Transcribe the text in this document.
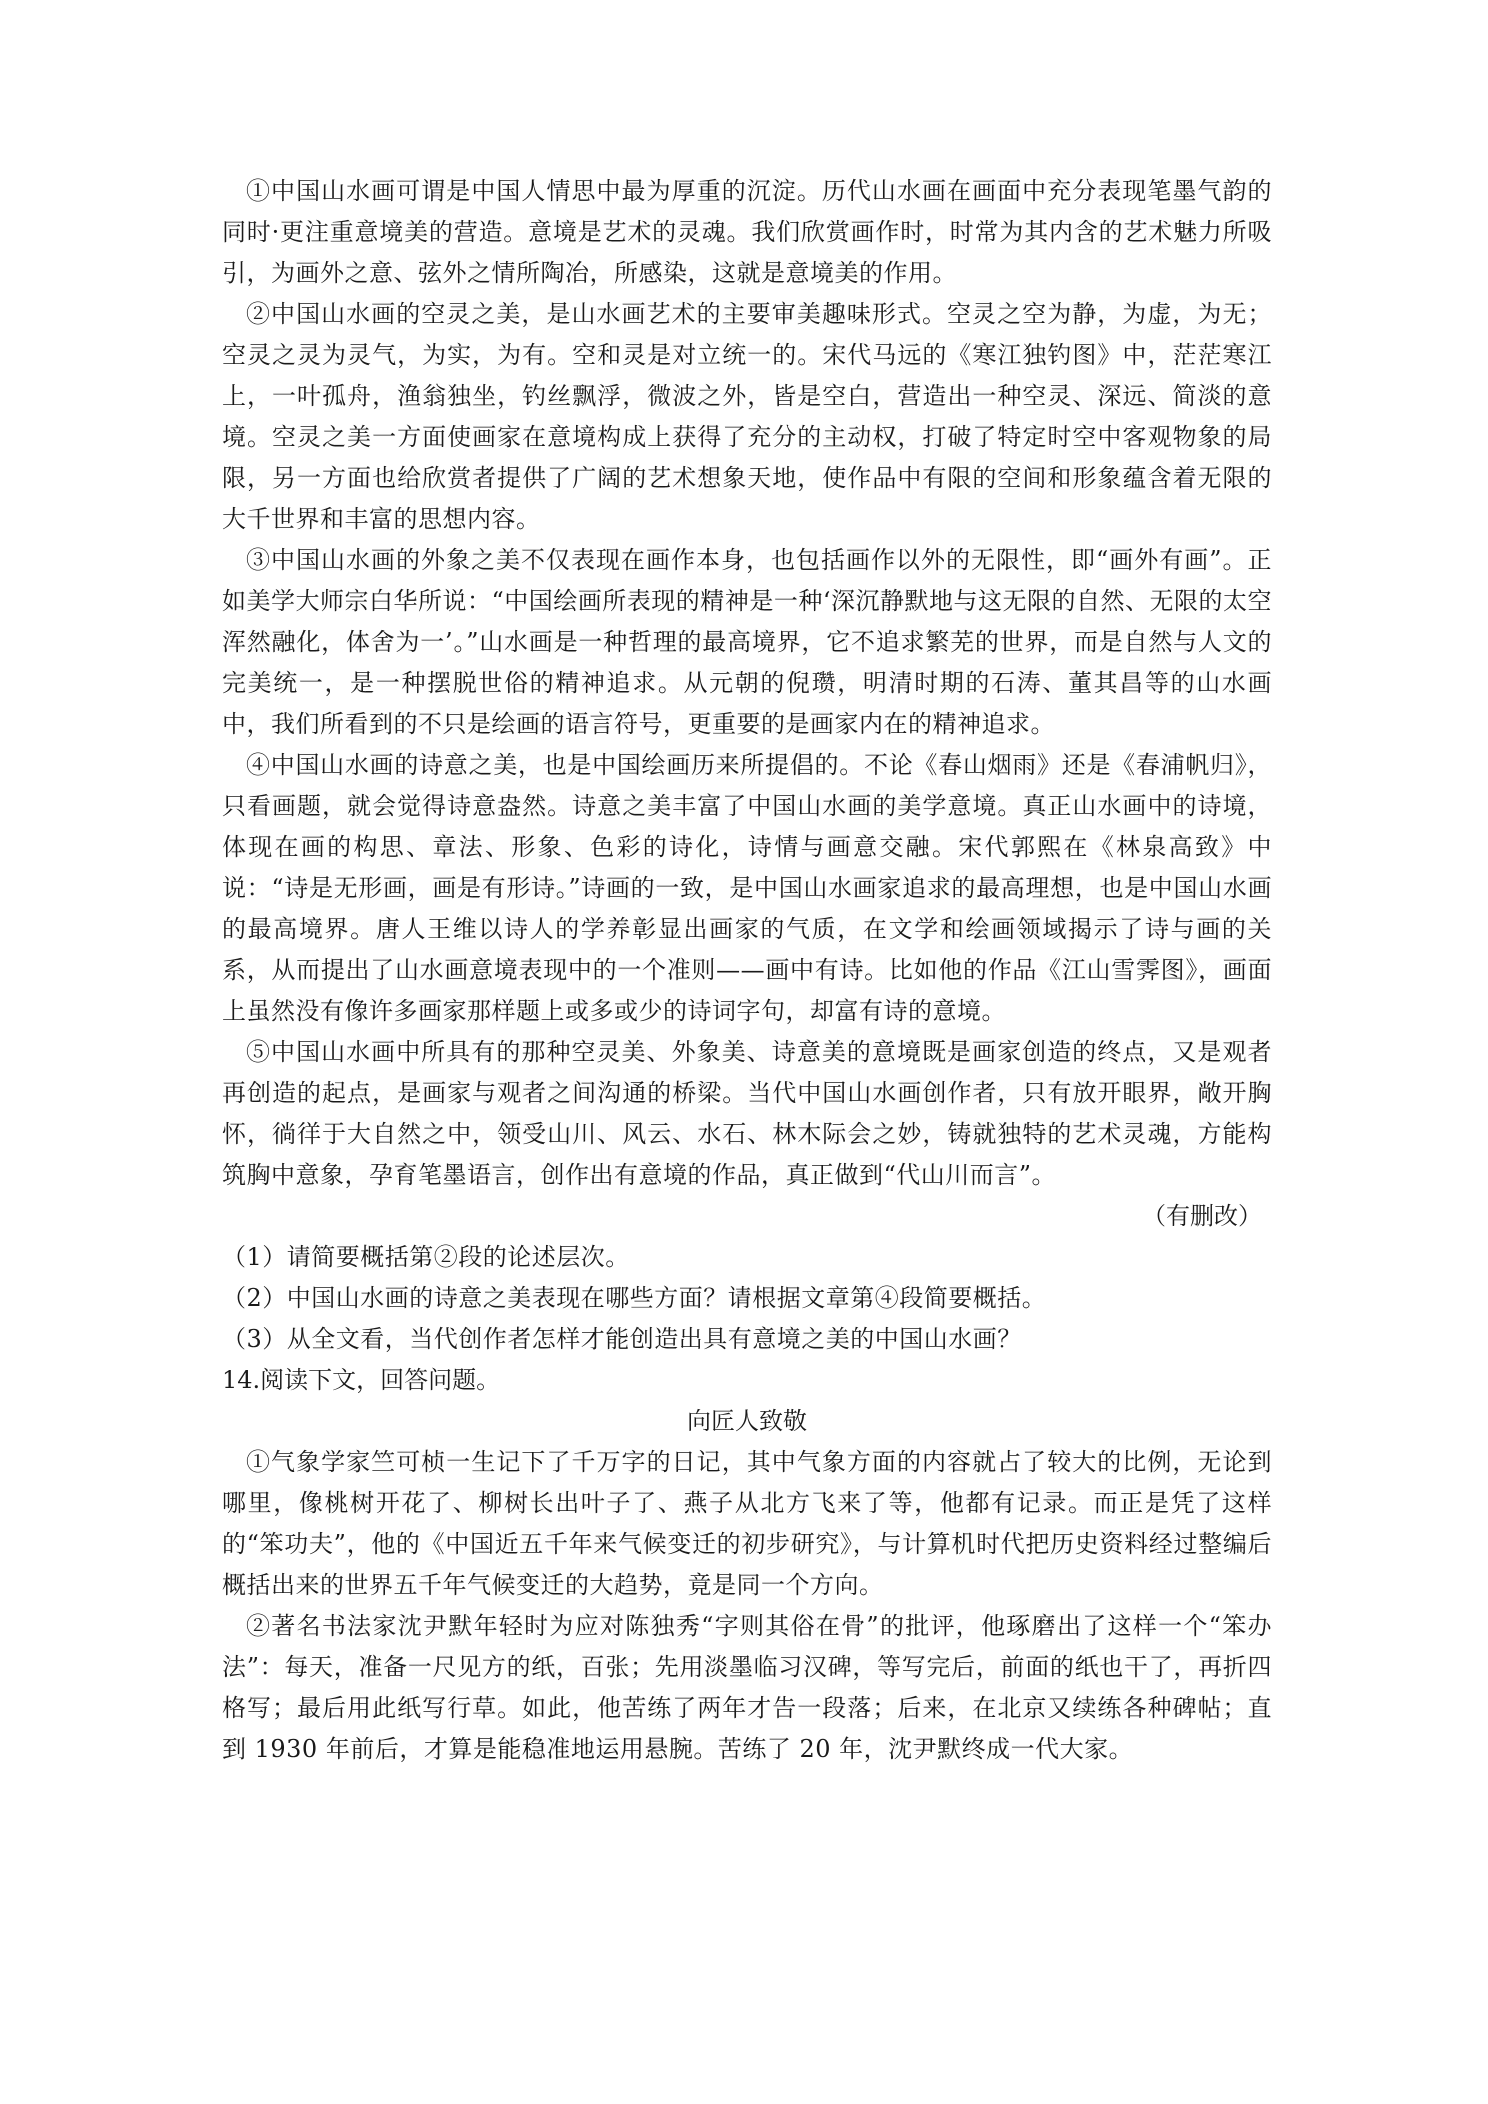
①中国山水画可谓是中国人情思中最为厚重的沉淀。历代山水画在画面中充分表现笔墨气韵的同时·更注重意境美的营造。意境是艺术的灵魂。我们欣赏画作时，时常为其内含的艺术魅力所吸引，为画外之意、弦外之情所陶冶，所感染，这就是意境美的作用。

②中国山水画的空灵之美，是山水画艺术的主要审美趣味形式。空灵之空为静，为虚，为无；空灵之灵为灵气，为实，为有。空和灵是对立统一的。宋代马远的《寒江独钓图》中，茫茫寒江上，一叶孤舟，渔翁独坐，钓丝飘浮，微波之外，皆是空白，营造出一种空灵、深远、简淡的意境。空灵之美一方面使画家在意境构成上获得了充分的主动权，打破了特定时空中客观物象的局限，另一方面也给欣赏者提供了广阔的艺术想象天地，使作品中有限的空间和形象蕴含着无限的大千世界和丰富的思想内容。

③中国山水画的外象之美不仅表现在画作本身，也包括画作以外的无限性，即“画外有画”。正如美学大师宗白华所说：“中国绘画所表现的精神是一种‘深沉静默地与这无限的自然、无限的太空浑然融化，体舍为一’。”山水画是一种哲理的最高境界，它不追求繁芜的世界，而是自然与人文的完美统一，是一种摆脱世俗的精神追求。从元朝的倪瓒，明清时期的石涛、董其昌等的山水画中，我们所看到的不只是绘画的语言符号，更重要的是画家内在的精神追求。

④中国山水画的诗意之美，也是中国绘画历来所提倡的。不论《春山烟雨》还是《春浦帆归》，只看画题，就会觉得诗意盎然。诗意之美丰富了中国山水画的美学意境。真正山水画中的诗境，体现在画的构思、章法、形象、色彩的诗化，诗情与画意交融。宋代郭熙在《林泉高致》中说：“诗是无形画，画是有形诗。”诗画的一致，是中国山水画家追求的最高理想，也是中国山水画的最高境界。唐人王维以诗人的学养彰显出画家的气质，在文学和绘画领域揭示了诗与画的关系，从而提出了山水画意境表现中的一个准则——画中有诗。比如他的作品《江山雪霁图》，画面上虽然没有像许多画家那样题上或多或少的诗词字句，却富有诗的意境。

⑤中国山水画中所具有的那种空灵美、外象美、诗意美的意境既是画家创造的终点，又是观者再创造的起点，是画家与观者之间沟通的桥梁。当代中国山水画创作者，只有放开眼界，敞开胸怀，徜徉于大自然之中，领受山川、风云、水石、林木际会之妙，铸就独特的艺术灵魂，方能构筑胸中意象，孕育笔墨语言，创作出有意境的作品，真正做到“代山川而言”。

（有删改）

（1）请简要概括第②段的论述层次。

（2）中国山水画的诗意之美表现在哪些方面？请根据文章第④段简要概括。

（3）从全文看，当代创作者怎样才能创造出具有意境之美的中国山水画？

14.阅读下文，回答问题。

向匠人致敬

①气象学家竺可桢一生记下了千万字的日记，其中气象方面的内容就占了较大的比例，无论到哪里，像桃树开花了、柳树长出叶子了、燕子从北方飞来了等，他都有记录。而正是凭了这样的“笨功夫”，他的《中国近五千年来气候变迁的初步研究》，与计算机时代把历史资料经过整编后概括出来的世界五千年气候变迁的大趋势，竟是同一个方向。

②著名书法家沈尹默年轻时为应对陈独秀“字则其俗在骨”的批评，他琢磨出了这样一个“笨办法”：每天，准备一尺见方的纸，百张；先用淡墨临习汉碑，等写完后，前面的纸也干了，再折四格写；最后用此纸写行草。如此，他苦练了两年才告一段落；后来，在北京又续练各种碑帖；直到 1930 年前后，才算是能稳准地运用悬腕。苦练了 20 年，沈尹默终成一代大家。
